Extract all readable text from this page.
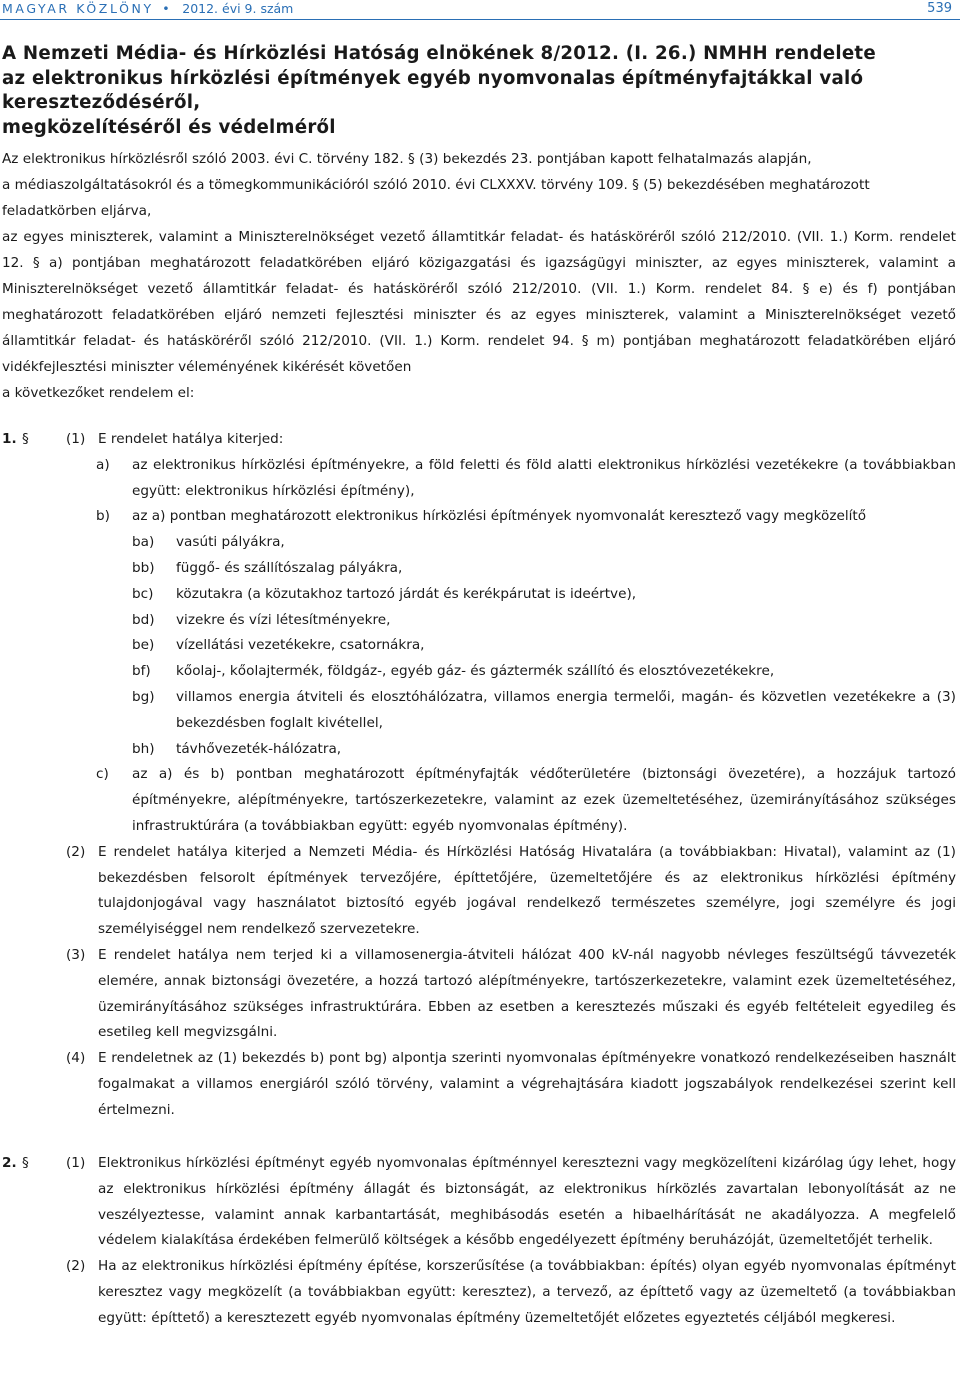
MAGYAR KÖZLÖNY • 2012. évi 9. szám	539
A Nemzeti Média- és Hírközlési Hatóság elnökének 8/2012. (I. 26.) NMHH rendelete
az elektronikus hírközlési építmények egyéb nyomvonalas építményfajtákkal való kereszteződéséről,
megközelítéséről és védelméről

Az elektronikus hírközlésről szóló 2003. évi C. törvény 182. § (3) bekezdés 23. pontjában kapott felhatalmazás alapján,

a médiaszolgáltatásokról és a tömegkommunikációról szóló 2010. évi CLXXXV. törvény 109. § (5) bekezdésében meghatározott feladatkörben eljárva,

az egyes miniszterek, valamint a Miniszterelnökséget vezető államtitkár feladat- és hatásköréről szóló 212/2010. (VII. 1.) Korm. rendelet 12. § a) pontjában meghatározott feladatkörében eljáró közigazgatási és igazságügyi miniszter, az egyes miniszterek, valamint a Miniszterelnökséget vezető államtitkár feladat- és hatásköréről szóló 212/2010. (VII. 1.) Korm. rendelet 84. § e) és f) pontjában meghatározott feladatkörében eljáró nemzeti fejlesztési miniszter és az egyes miniszterek, valamint a Miniszterelnökséget vezető államtitkár feladat- és hatásköréről szóló 212/2010. (VII. 1.) Korm. rendelet 94. § m) pontjában meghatározott feladatkörében eljáró vidékfejlesztési miniszter véleményének kikérését követően

a következőket rendelem el:

1. §	(1) E rendelet hatálya kiterjed:

a) az elektronikus hírközlési építményekre, a föld feletti és föld alatti elektronikus hírközlési vezetékekre (a továbbiakban együtt: elektronikus hírközlési építmény),

b) az a) pontban meghatározott elektronikus hírközlési építmények nyomvonalát keresztező vagy megközelítő

ba) vasúti pályákra,

bb) függő- és szállítószalag pályákra,

bc) közutakra (a közutakhoz tartozó járdát és kerékpárutat is ideértve),

bd) vizekre és vízi létesítményekre,

be) vízellátási vezetékekre, csatornákra,

bf) kőolaj-, kőolajtermék, földgáz-, egyéb gáz- és gáztermék szállító és elosztóvezetékekre,

bg) villamos energia átviteli és elosztóhálózatra, villamos energia termelői, magán- és közvetlen vezetékekre a (3) bekezdésben foglalt kivétellel,

bh) távhővezeték-hálózatra,

c) az a) és b) pontban meghatározott építményfajták védőterületére (biztonsági övezetére), a hozzájuk tartozó építményekre, alépítményekre, tartószerkezetekre, valamint az ezek üzemeltetéséhez, üzemirányításához szükséges infrastruktúrára (a továbbiakban együtt: egyéb nyomvonalas építmény).

(2) E rendelet hatálya kiterjed a Nemzeti Média- és Hírközlési Hatóság Hivatalára (a továbbiakban: Hivatal), valamint az (1) bekezdésben felsorolt építmények tervezőjére, építtetőjére, üzemeltetőjére és az elektronikus hírközlési építmény tulajdonjogával vagy használatot biztosító egyéb jogával rendelkező természetes személyre, jogi személyre és jogi személyiséggel nem rendelkező szervezetekre.

(3) E rendelet hatálya nem terjed ki a villamosenergia-átviteli hálózat 400 kV-nál nagyobb névleges feszültségű távvezeték elemére, annak biztonsági övezetére, a hozzá tartozó alépítményekre, tartószerkezetekre, valamint ezek üzemeltetéséhez, üzemirányításához szükséges infrastruktúrára. Ebben az esetben a keresztezés műszaki és egyéb feltételeit egyedileg és esetileg kell megvizsgálni.

(4) E rendeletnek az (1) bekezdés b) pont bg) alpontja szerinti nyomvonalas építményekre vonatkozó rendelkezéseiben használt fogalmakat a villamos energiáról szóló törvény, valamint a végrehajtására kiadott jogszabályok rendelkezései szerint kell értelmezni.

2. §	(1) Elektronikus hírközlési építményt egyéb nyomvonalas építménnyel keresztezni vagy megközelíteni kizárólag úgy lehet, hogy az elektronikus hírközlési építmény állagát és biztonságát, az elektronikus hírközlés zavartalan lebonyolítását az ne veszélyeztesse, valamint annak karbantartását, meghibásodás esetén a hibaelhárítását ne akadályozza. A megfelelő védelem kialakítása érdekében felmerülő költségek a később engedélyezett építmény beruházóját, üzemeltetőjét terhelik.

(2) Ha az elektronikus hírközlési építmény építése, korszerűsítése (a továbbiakban: építés) olyan egyéb nyomvonalas építményt keresztez vagy megközelít (a továbbiakban együtt: keresztez), a tervező, az építtető vagy az üzemeltető (a továbbiakban együtt: építtető) a keresztezett egyéb nyomvonalas építmény üzemeltetőjét előzetes egyeztetés céljából megkeresi.
